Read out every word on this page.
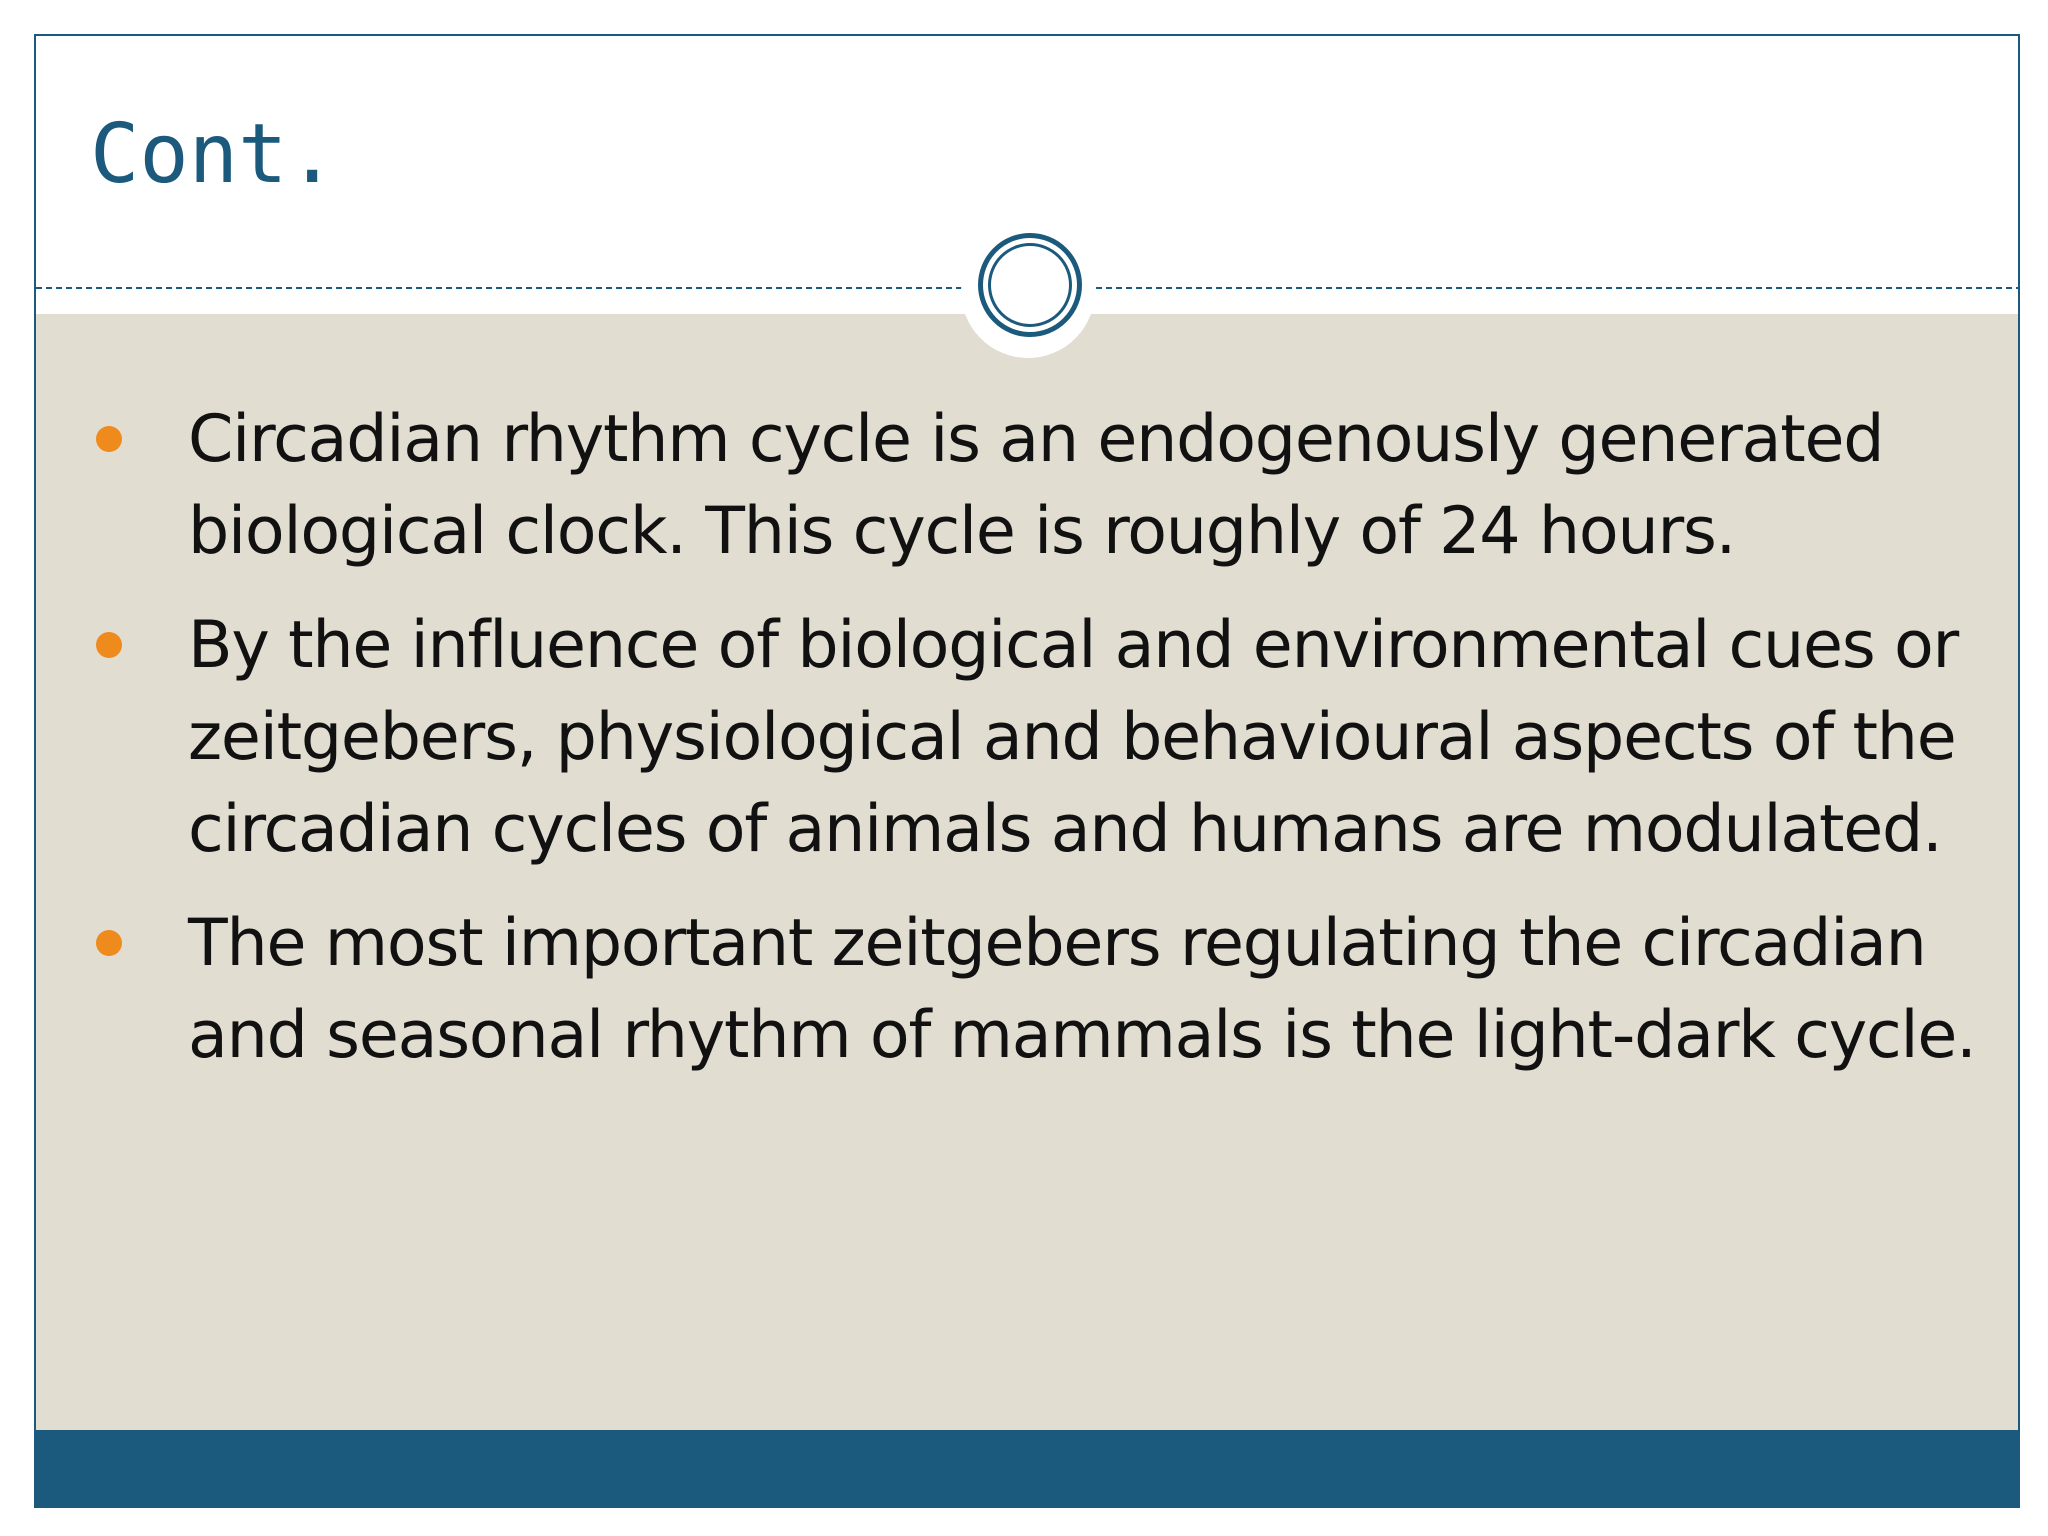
Cont.
Circadian rhythm cycle is an endogenously generated biological clock. This cycle is roughly of 24 hours.
By the influence of biological and environmental cues or zeitgebers, physiological and behavioural aspects of the circadian cycles of animals and humans are modulated.
The most important zeitgebers regulating the circadian and seasonal rhythm of mammals is the light-dark cycle.
